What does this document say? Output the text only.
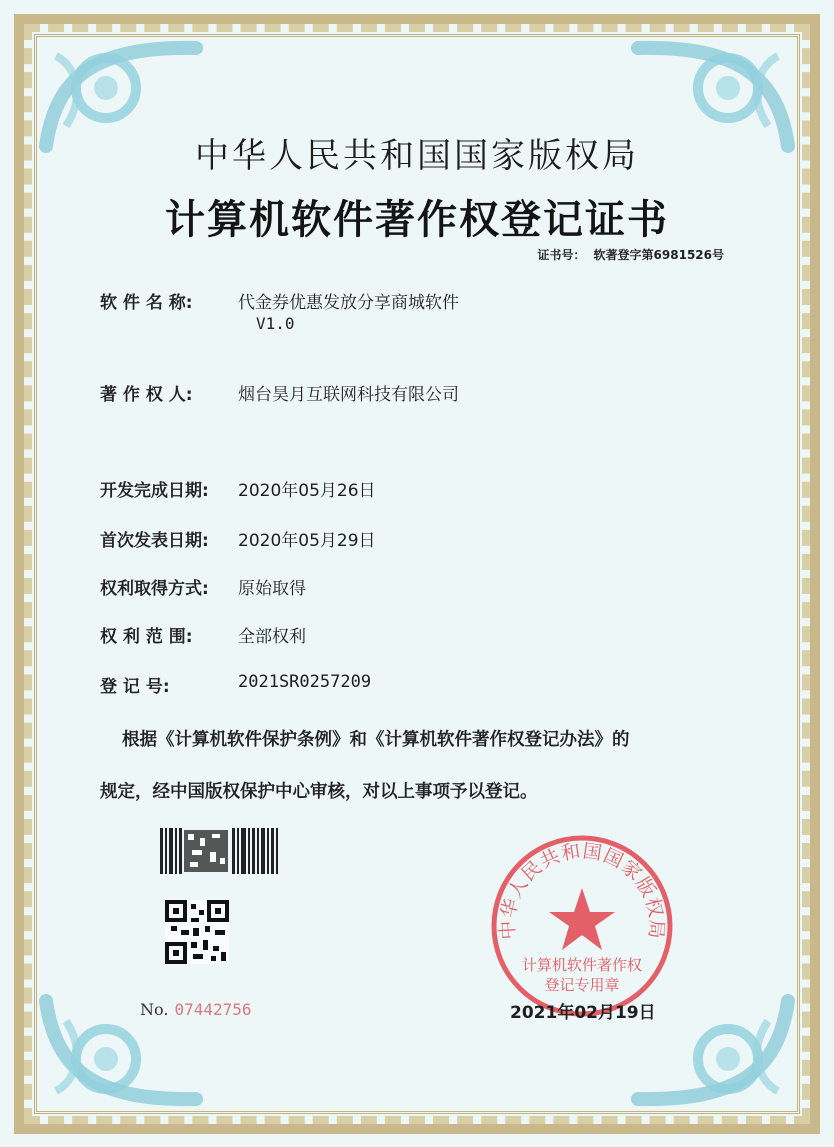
中华人民共和国国家版权局
计算机软件著作权登记证书
证书号： 软著登字第6981526号
软 件 名 称:	代金券优惠发放分享商城软件
V1.0
著 作 权 人:	烟台昊月互联网科技有限公司
开发完成日期: 2020年05月26日
首次发表日期: 2020年05月29日
权利取得方式: 原始取得
权 利 范 围:	全部权利
登 记 号:	2021SR0257209
根据《计算机软件保护条例》和《计算机软件著作权登记办法》的
规定，经中国版权保护中心审核，对以上事项予以登记。
No. 07442756
中华人民共和国国家版权局
计算机软件著作权
登记专用章
2021年02月19日
